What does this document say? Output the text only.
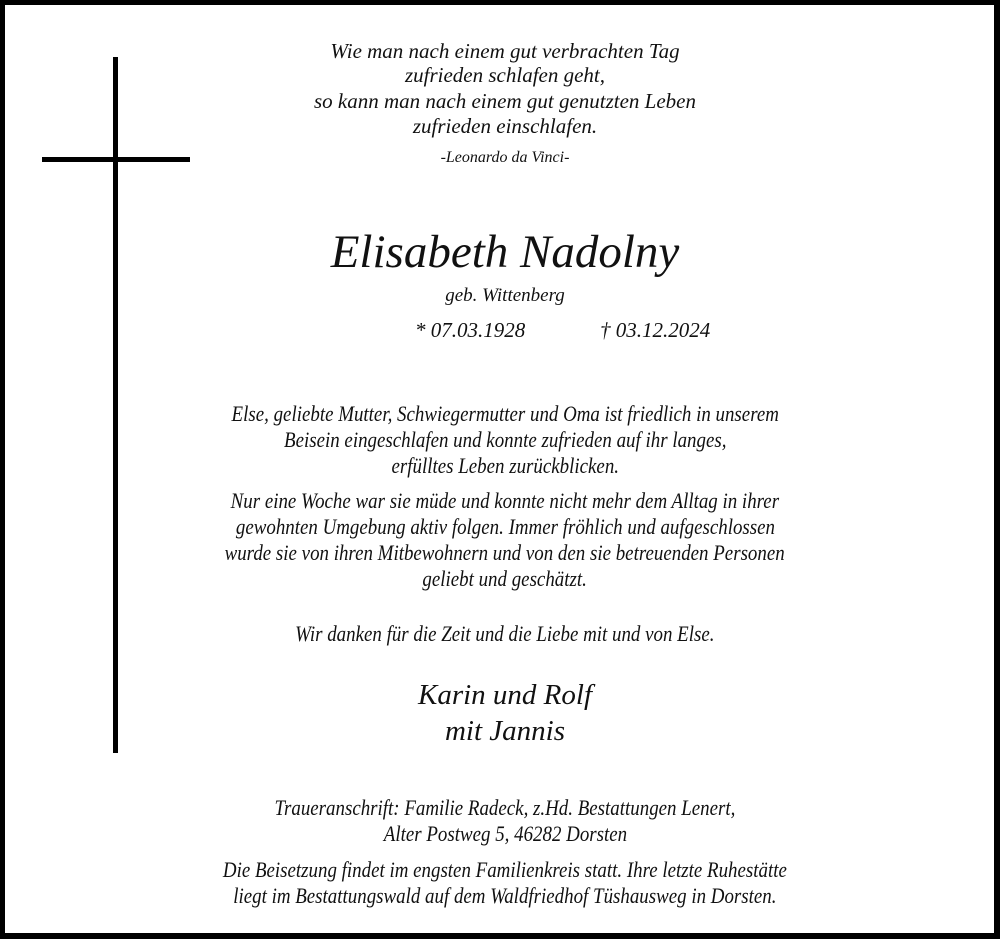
Wie man nach einem gut verbrachten Tag
zufrieden schlafen geht,
so kann man nach einem gut genutzten Leben
zufrieden einschlafen.
-Leonardo da Vinci-
Elisabeth Nadolny
geb. Wittenberg
* 07.03.1928	† 03.12.2024
Else, geliebte Mutter, Schwiegermutter und Oma ist friedlich in unserem
Beisein eingeschlafen und konnte zufrieden auf ihr langes,
erfülltes Leben zurückblicken.
Nur eine Woche war sie müde und konnte nicht mehr dem Alltag in ihrer
gewohnten Umgebung aktiv folgen. Immer fröhlich und aufgeschlossen
wurde sie von ihren Mitbewohnern und von den sie betreuenden Personen
geliebt und geschätzt.
Wir danken für die Zeit und die Liebe mit und von Else.
Karin und Rolf
mit Jannis
Traueranschrift: Familie Radeck, z.Hd. Bestattungen Lenert,
Alter Postweg 5, 46282 Dorsten
Die Beisetzung findet im engsten Familienkreis statt. Ihre letzte Ruhestätte
liegt im Bestattungswald auf dem Waldfriedhof Tüshausweg in Dorsten.
